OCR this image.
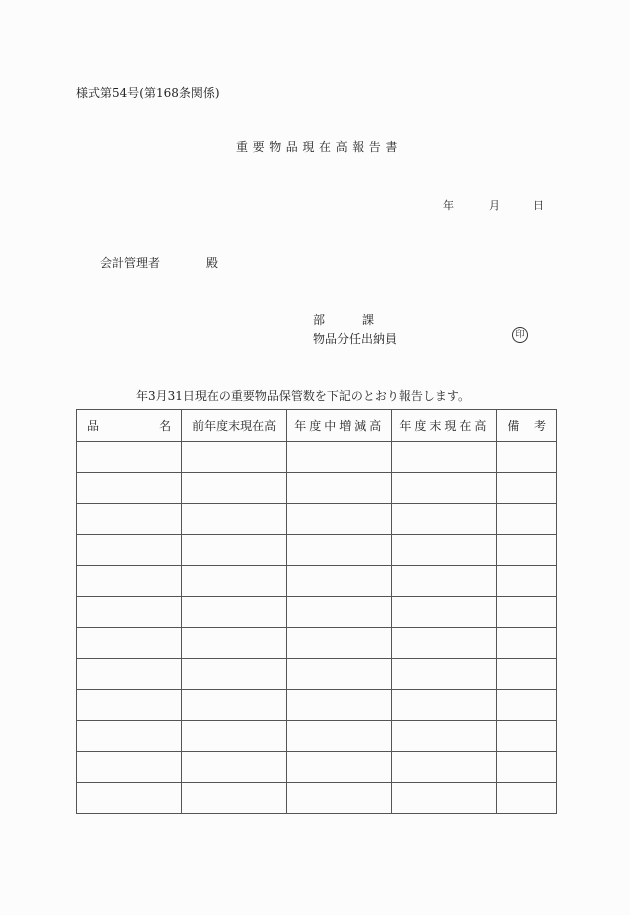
様式第54号(第168条関係)
重要物品現在高報告書
年	月	日
会計管理者	殿
部	課
物品分任出納員	印
年3月31日現在の重要物品保管数を下記のとおり報告します。
品 名	前年度末現在高	年度中増減高	年度末現在高	備 考
